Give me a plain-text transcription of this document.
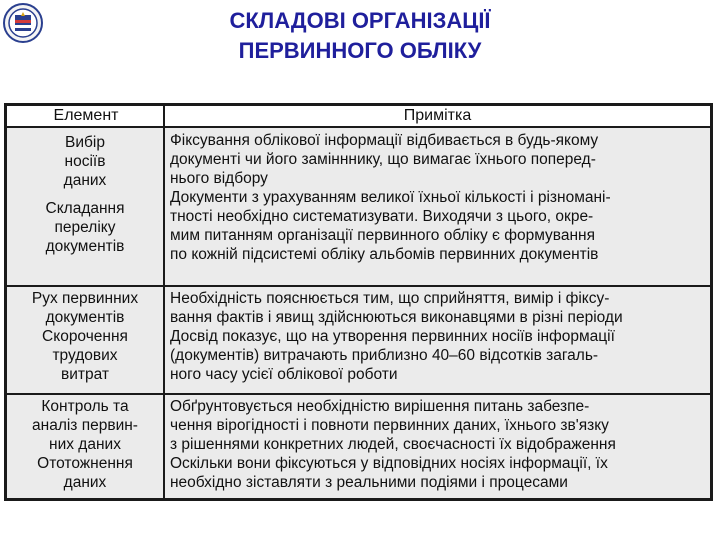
СКЛАДОВІ ОРГАНІЗАЦІЇ
ПЕРВИННОГО ОБЛІКУ
Елемент	Примітка
Вибір
носіїв
даних
Складання
переліку
документів
Фіксування облікової інформації відбивається в будь-якому
документі чи його замінннику, що вимагає їхнього поперед-
нього відбору
Документи з урахуванням великої їхньої кількості і різномані-
тності необхідно систематизувати. Виходячи з цього, окре-
мим питанням організації первинного обліку є формування
по кожній підсистемі обліку альбомів первинних документів
Рух первинних
документів
Скорочення
трудових
витрат
Необхідність пояснюється тим, що сприйняття, вимір і фіксу-
вання фактів і явищ здійснюються виконавцями в різні періоди
Досвід показує, що на утворення первинних носіїв інформації
(документів) витрачають приблизно 40–60 відсотків загаль-
ного часу усієї облікової роботи
Контроль та
аналіз первин-
них даних
Ототожнення
даних
Обґрунтовується необхідністю вирішення питань забезпе-
чення вірогідності і повноти первинних даних, їхнього зв'язку
з рішеннями конкретних людей, своєчасності їх відображення
Оскільки вони фіксуються у відповідних носіях інформації, їх
необхідно зіставляти з реальними подіями і процесами
